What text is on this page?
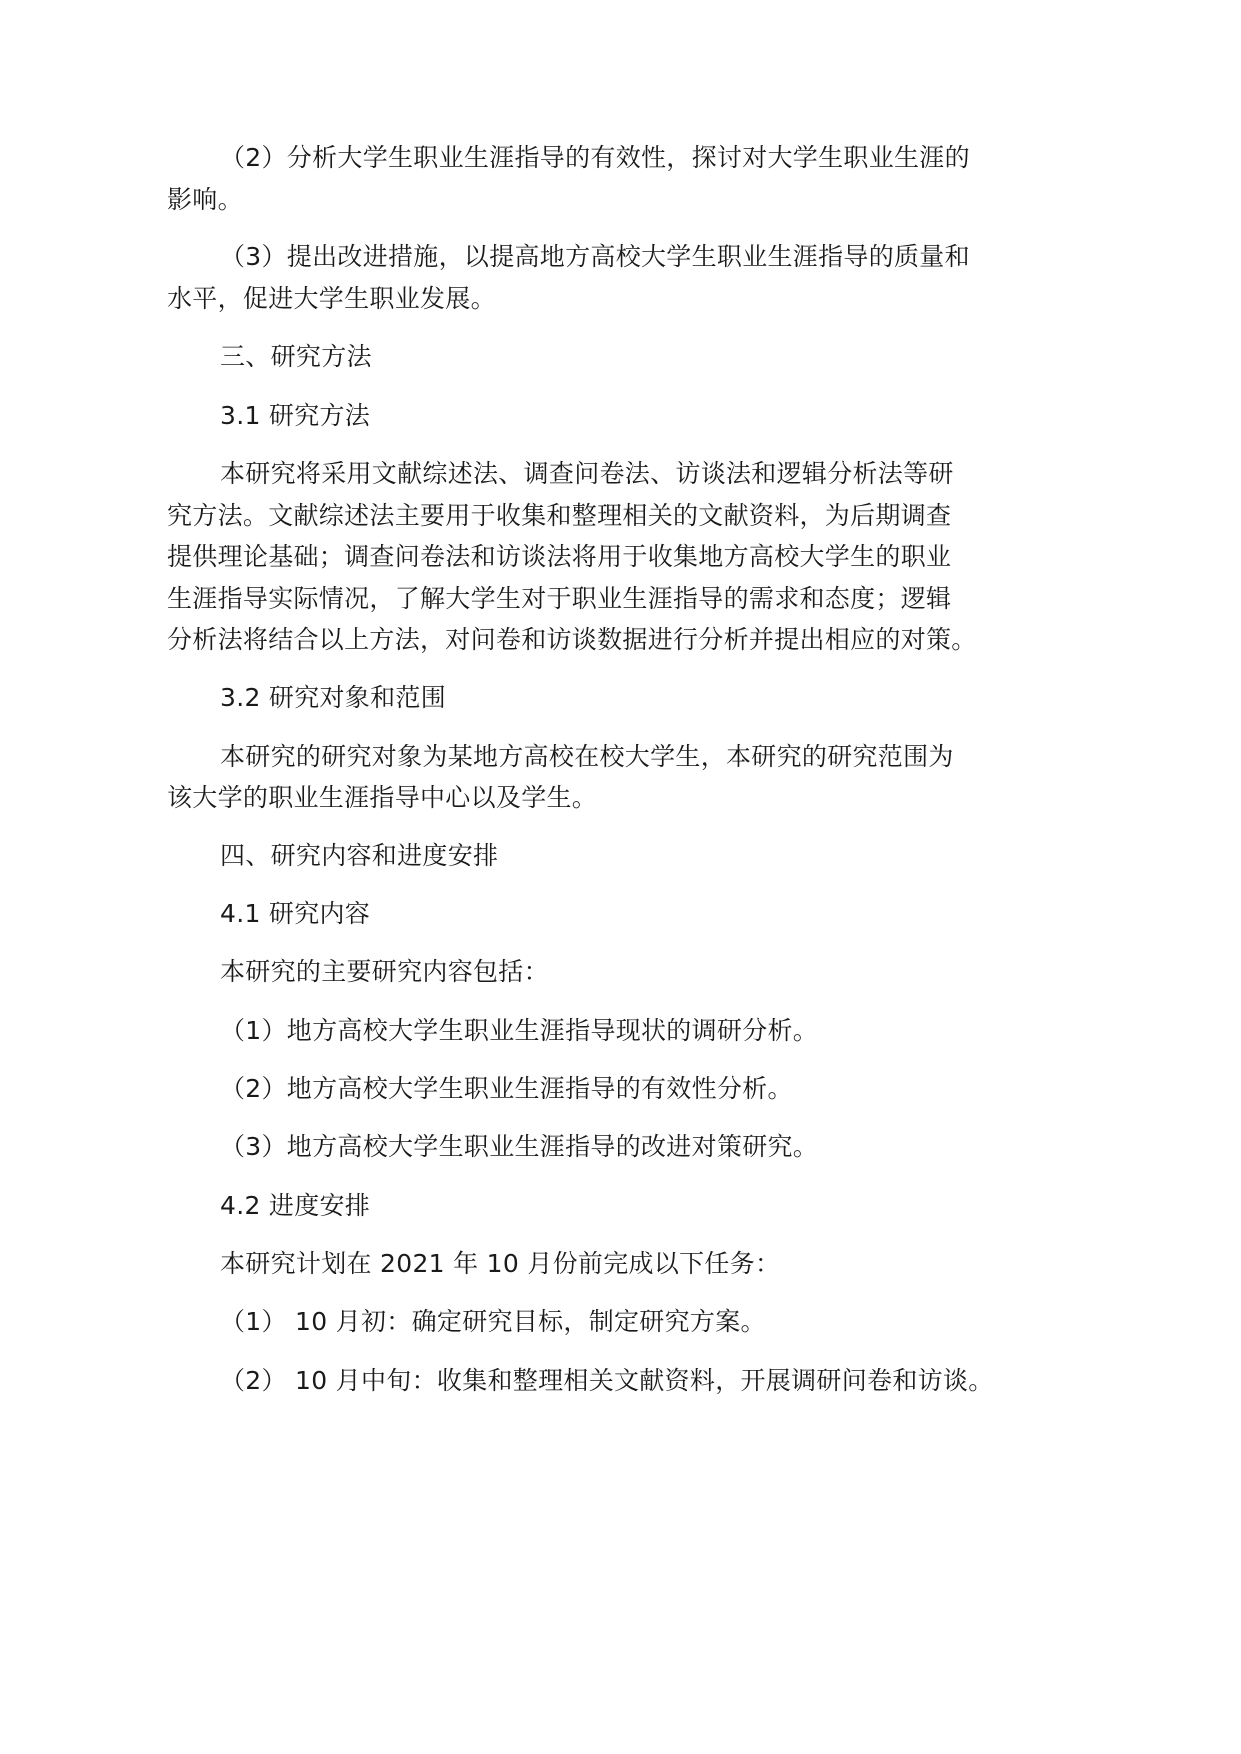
（2）分析大学生职业生涯指导的有效性，探讨对大学生职业生涯的

影响。

（3）提出改进措施，以提高地方高校大学生职业生涯指导的质量和

水平，促进大学生职业发展。

三、研究方法

3.1 研究方法

本研究将采用文献综述法、调查问卷法、访谈法和逻辑分析法等研

究方法。文献综述法主要用于收集和整理相关的文献资料，为后期调查

提供理论基础；调查问卷法和访谈法将用于收集地方高校大学生的职业

生涯指导实际情况，了解大学生对于职业生涯指导的需求和态度；逻辑

分析法将结合以上方法，对问卷和访谈数据进行分析并提出相应的对策。

3.2 研究对象和范围

本研究的研究对象为某地方高校在校大学生，本研究的研究范围为

该大学的职业生涯指导中心以及学生。

四、研究内容和进度安排

4.1 研究内容

本研究的主要研究内容包括：

（1）地方高校大学生职业生涯指导现状的调研分析。

（2）地方高校大学生职业生涯指导的有效性分析。

（3）地方高校大学生职业生涯指导的改进对策研究。

4.2 进度安排

本研究计划在 2021 年 10 月份前完成以下任务：

（1） 10 月初：确定研究目标，制定研究方案。

（2） 10 月中旬：收集和整理相关文献资料，开展调研问卷和访谈。
